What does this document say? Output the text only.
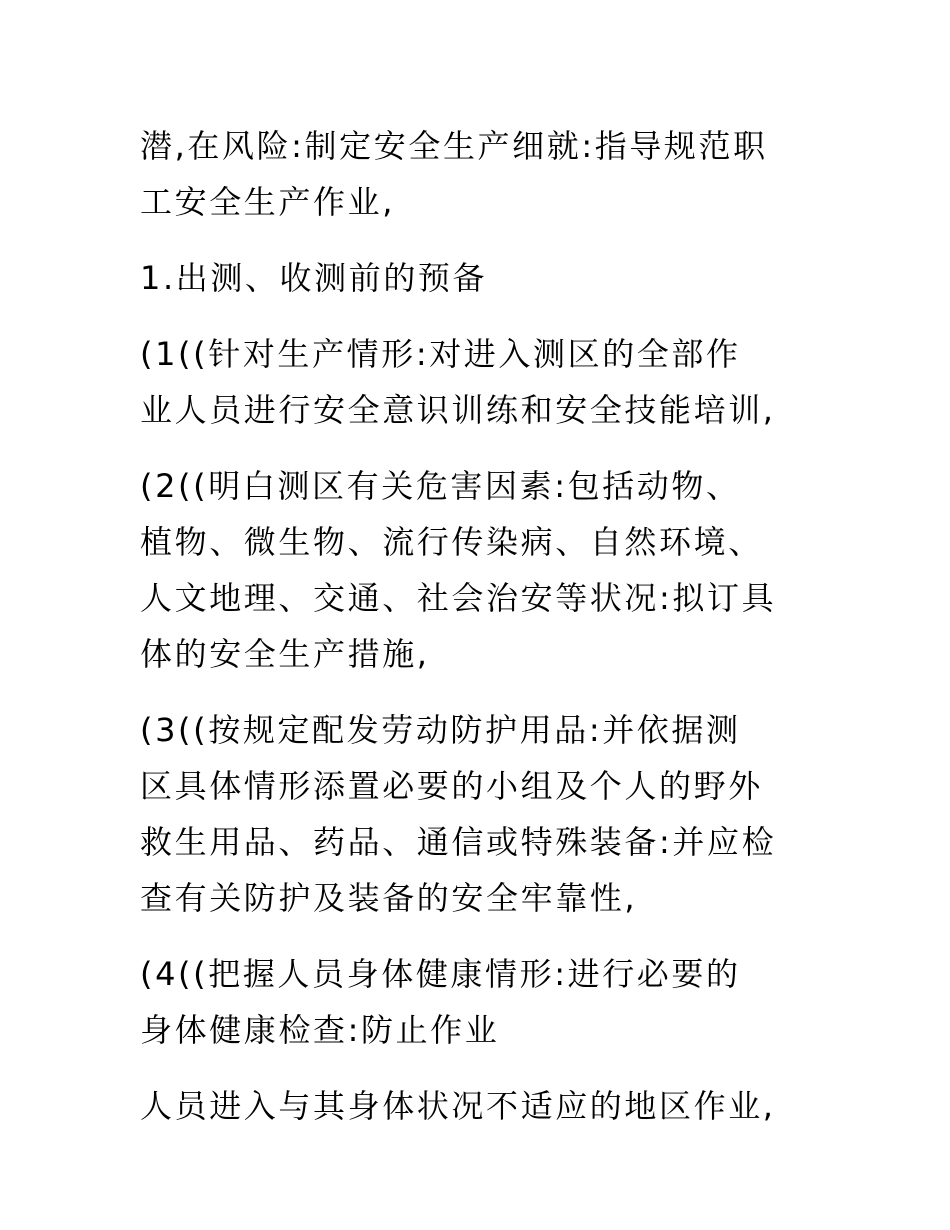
潜,在风险:制定安全生产细就:指导规范职
工安全生产作业,

1.出测、收测前的预备

(1((针对生产情形:对进入测区的全部作
业人员进行安全意识训练和安全技能培训,

(2((明白测区有关危害因素:包括动物、
植物、微生物、流行传染病、自然环境、
人文地理、交通、社会治安等状况:拟订具
体的安全生产措施,

(3((按规定配发劳动防护用品:并依据测
区具体情形添置必要的小组及个人的野外
救生用品、药品、通信或特殊装备:并应检
查有关防护及装备的安全牢靠性,

(4((把握人员身体健康情形:进行必要的
身体健康检查:防止作业

人员进入与其身体状况不适应的地区作业,
